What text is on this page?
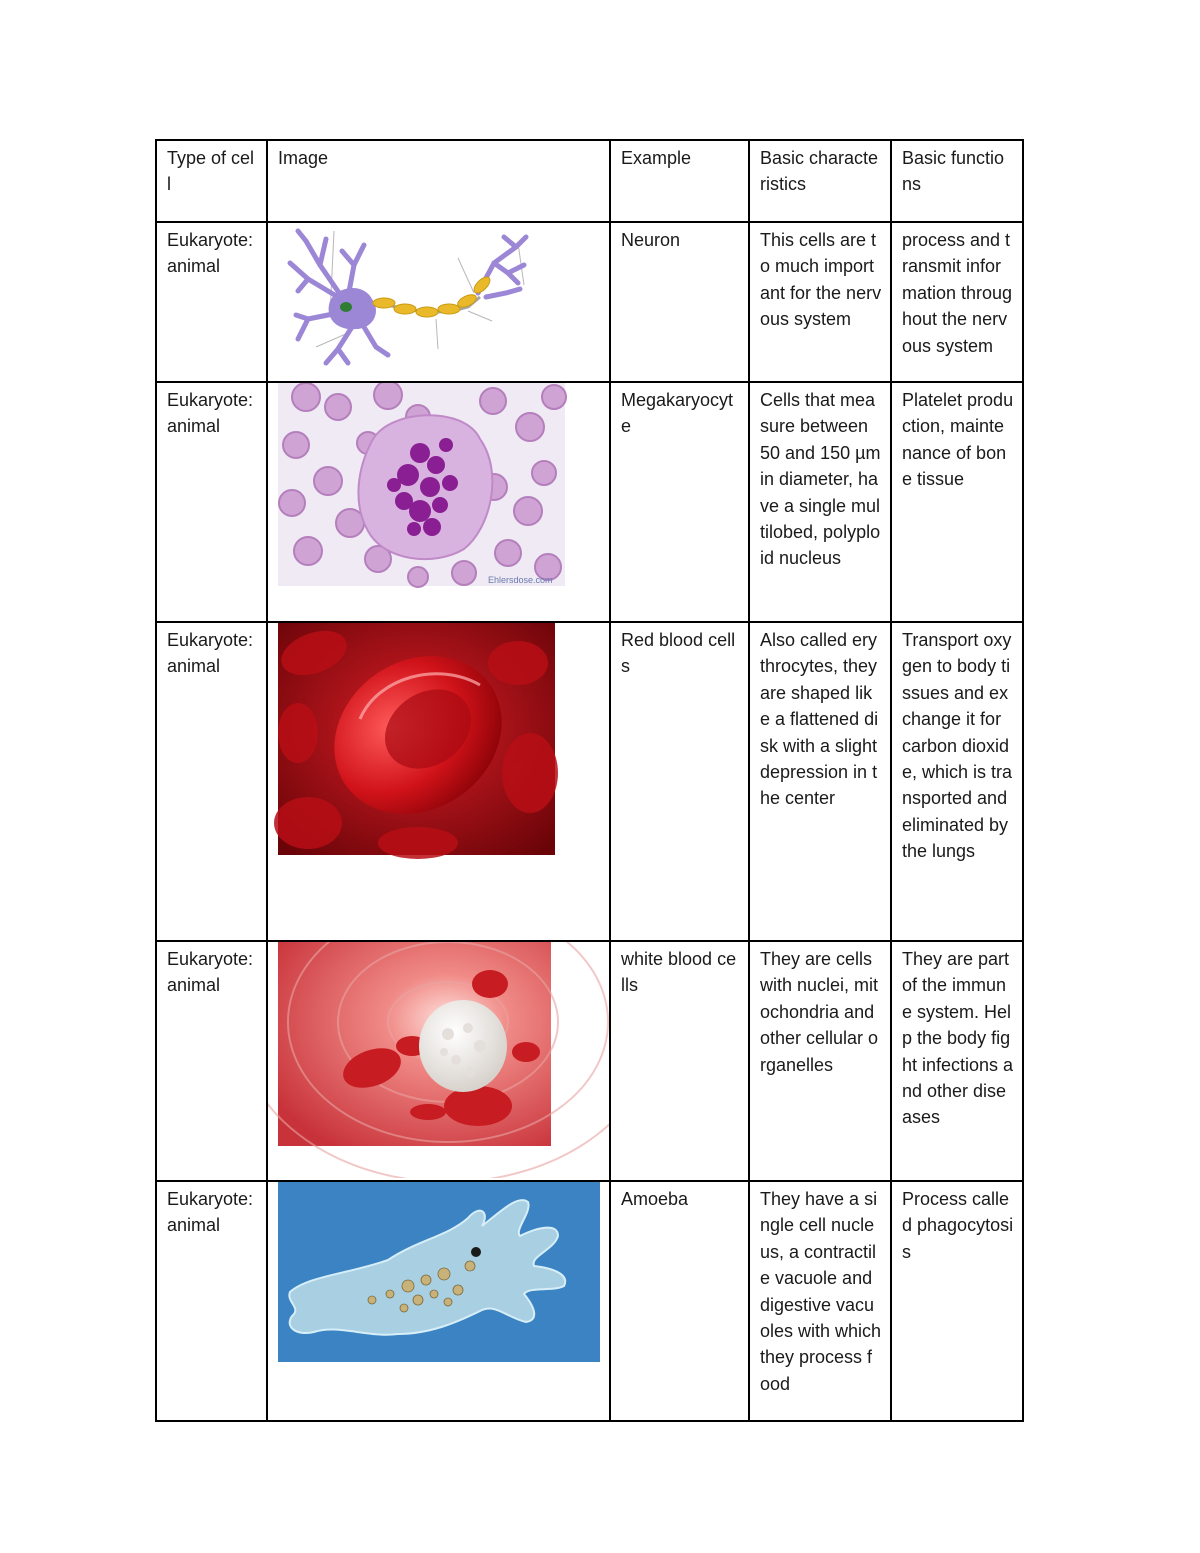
Type of cell	Image	Example	Basic characteristics	Basic functions
Eukaryote: animal		Neuron	This cells are to much important for the nervous system	process and transmit information throughout the nervous system
Eukaryote: animal	Ehlersdose.com	Megakaryocyte	Cells that measure between 50 and 150 µm in diameter, have a single multilobed, polyploid nucleus	Platelet production, maintenance of bone tissue
Eukaryote: animal		Red blood cells	Also called erythrocytes, they are shaped like a flattened disk with a slight depression in the center	Transport oxygen to body tissues and exchange it for carbon dioxide, which is transported and eliminated by the lungs
Eukaryote: animal		white blood cells	They are cells with nuclei, mitochondria and other cellular organelles	They are part of the immune system. Help the body fight infections and other diseases
Eukaryote: animal		Amoeba	They have a single cell nucleus, a contractile vacuole and digestive vacuoles with which they process food	Process called phagocytosis
